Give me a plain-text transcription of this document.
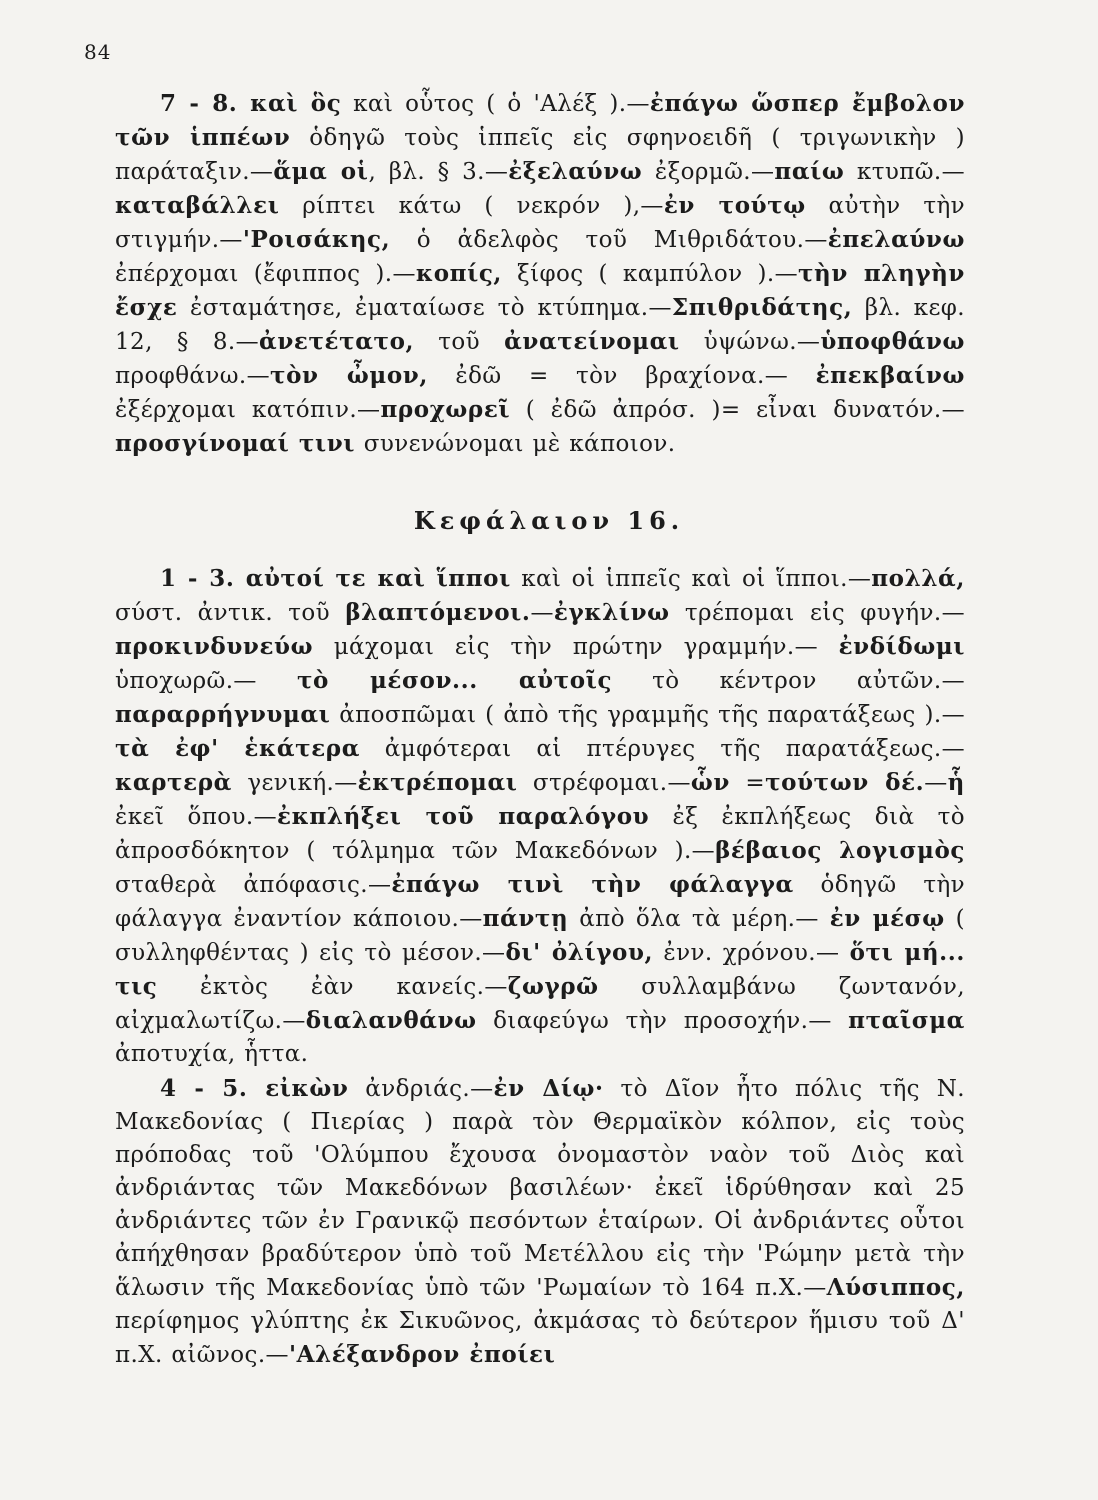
84
7 - 8. καὶ ὃς καὶ οὗτος ( ὁ 'Αλέξ ).—ἐπάγω ὥσπερ ἔμβολον τῶν ἱππέων ὁδηγῶ τοὺς ἱππεῖς εἰς σφηνοειδῆ ( τριγωνικὴν ) παράταξιν.—ἅμα οἱ, βλ. § 3.—ἐξελαύνω ἐξορμῶ.—παίω κτυπῶ.—καταβάλλει ρίπτει κάτω ( νεκρόν ),—ἐν τούτῳ αὐτὴν τὴν στιγμήν.—'Ροισάκης, ὁ ἀδελφὸς τοῦ Μιθριδάτου.—ἐπελαύνω ἐπέρχομαι (ἔφιππος ).—κοπίς, ξίφος ( καμπύλον ).—τὴν πληγὴν ἔσχε ἐσταμάτησε, ἐματαίωσε τὸ κτύπημα.—Σπιθριδάτης, βλ. κεφ. 12, § 8.—ἀνετέτατο, τοῦ ἀνατείνομαι ὑψώνω.—ὑποφθάνω προφθάνω.—τὸν ὦμον, ἐδῶ = τὸν βραχίονα.— ἐπεκβαίνω ἐξέρχομαι κατόπιν.—προχωρεῖ ( ἐδῶ ἀπρόσ. )= εἶναι δυνατόν.—προσγίνομαί τινι συνενώνομαι μὲ κάποιον.
Κεφάλαιον 16.
1 - 3. αὐτοί τε καὶ ἵπποι καὶ οἱ ἱππεῖς καὶ οἱ ἵπποι.—πολλά, σύστ. ἀντικ. τοῦ βλαπτόμενοι.—ἐγκλίνω τρέπομαι εἰς φυγήν.— προκινδυνεύω μάχομαι εἰς τὴν πρώτην γραμμήν.— ἐνδίδωμι ὑποχωρῶ.— τὸ μέσον... αὐτοῖς τὸ κέντρον αὐτῶν.—παραρρήγνυμαι ἀποσπῶμαι ( ἀπὸ τῆς γραμμῆς τῆς παρατάξεως ).—τὰ ἐφ' ἑκάτερα ἀμφότεραι αἱ πτέρυγες τῆς παρατάξεως.—καρτερὰ γενική.—ἐκτρέπομαι στρέφομαι.—ὧν =τούτων δέ.—ἧ ἐκεῖ ὅπου.—ἐκπλήξει τοῦ παραλόγου ἐξ ἐκπλήξεως διὰ τὸ ἀπροσδόκητον ( τόλμημα τῶν Μακεδόνων ).—βέβαιος λογισμὸς σταθερὰ ἀπόφασις.—ἐπάγω τινὶ τὴν φάλαγγα ὁδηγῶ τὴν φάλαγγα ἐναντίον κάποιου.—πάντῃ ἀπὸ ὅλα τὰ μέρη.— ἐν μέσῳ ( συλληφθέντας ) εἰς τὸ μέσον.—δι' ὀλίγου, ἐνν. χρόνου.— ὅτι μή... τις ἐκτὸς ἐὰν κανείς.—ζωγρῶ συλλαμβάνω ζωντανόν, αἰχμαλωτίζω.—διαλανθάνω διαφεύγω τὴν προσοχήν.— πταῖσμα ἀποτυχία, ἧττα.
4 - 5. εἰκὼν ἀνδριάς.—ἐν Δίῳ· τὸ Δῖον ἦτο πόλις τῆς Ν. Μακεδονίας ( Πιερίας ) παρὰ τὸν Θερμαϊκὸν κόλπον, εἰς τοὺς πρόποδας τοῦ 'Ολύμπου ἔχουσα ὀνομαστὸν ναὸν τοῦ Διὸς καὶ ἀνδριάντας τῶν Μακεδόνων βασιλέων· ἐκεῖ ἱδρύθησαν καὶ 25 ἀνδριάντες τῶν ἐν Γρανικῷ πεσόντων ἑταίρων. Οἱ ἀνδριάντες οὗτοι ἀπήχθησαν βραδύτερον ὑπὸ τοῦ Μετέλλου εἰς τὴν 'Ρώμην μετὰ τὴν ἅλωσιν τῆς Μακεδονίας ὑπὸ τῶν 'Ρωμαίων τὸ 164 π.Χ.—Λύσιππος, περίφημος γλύπτης ἐκ Σικυῶνος, ἀκμάσας τὸ δεύτερον ἥμισυ τοῦ Δ' π.Χ. αἰῶνος.—'Αλέξανδρον ἐποίει
